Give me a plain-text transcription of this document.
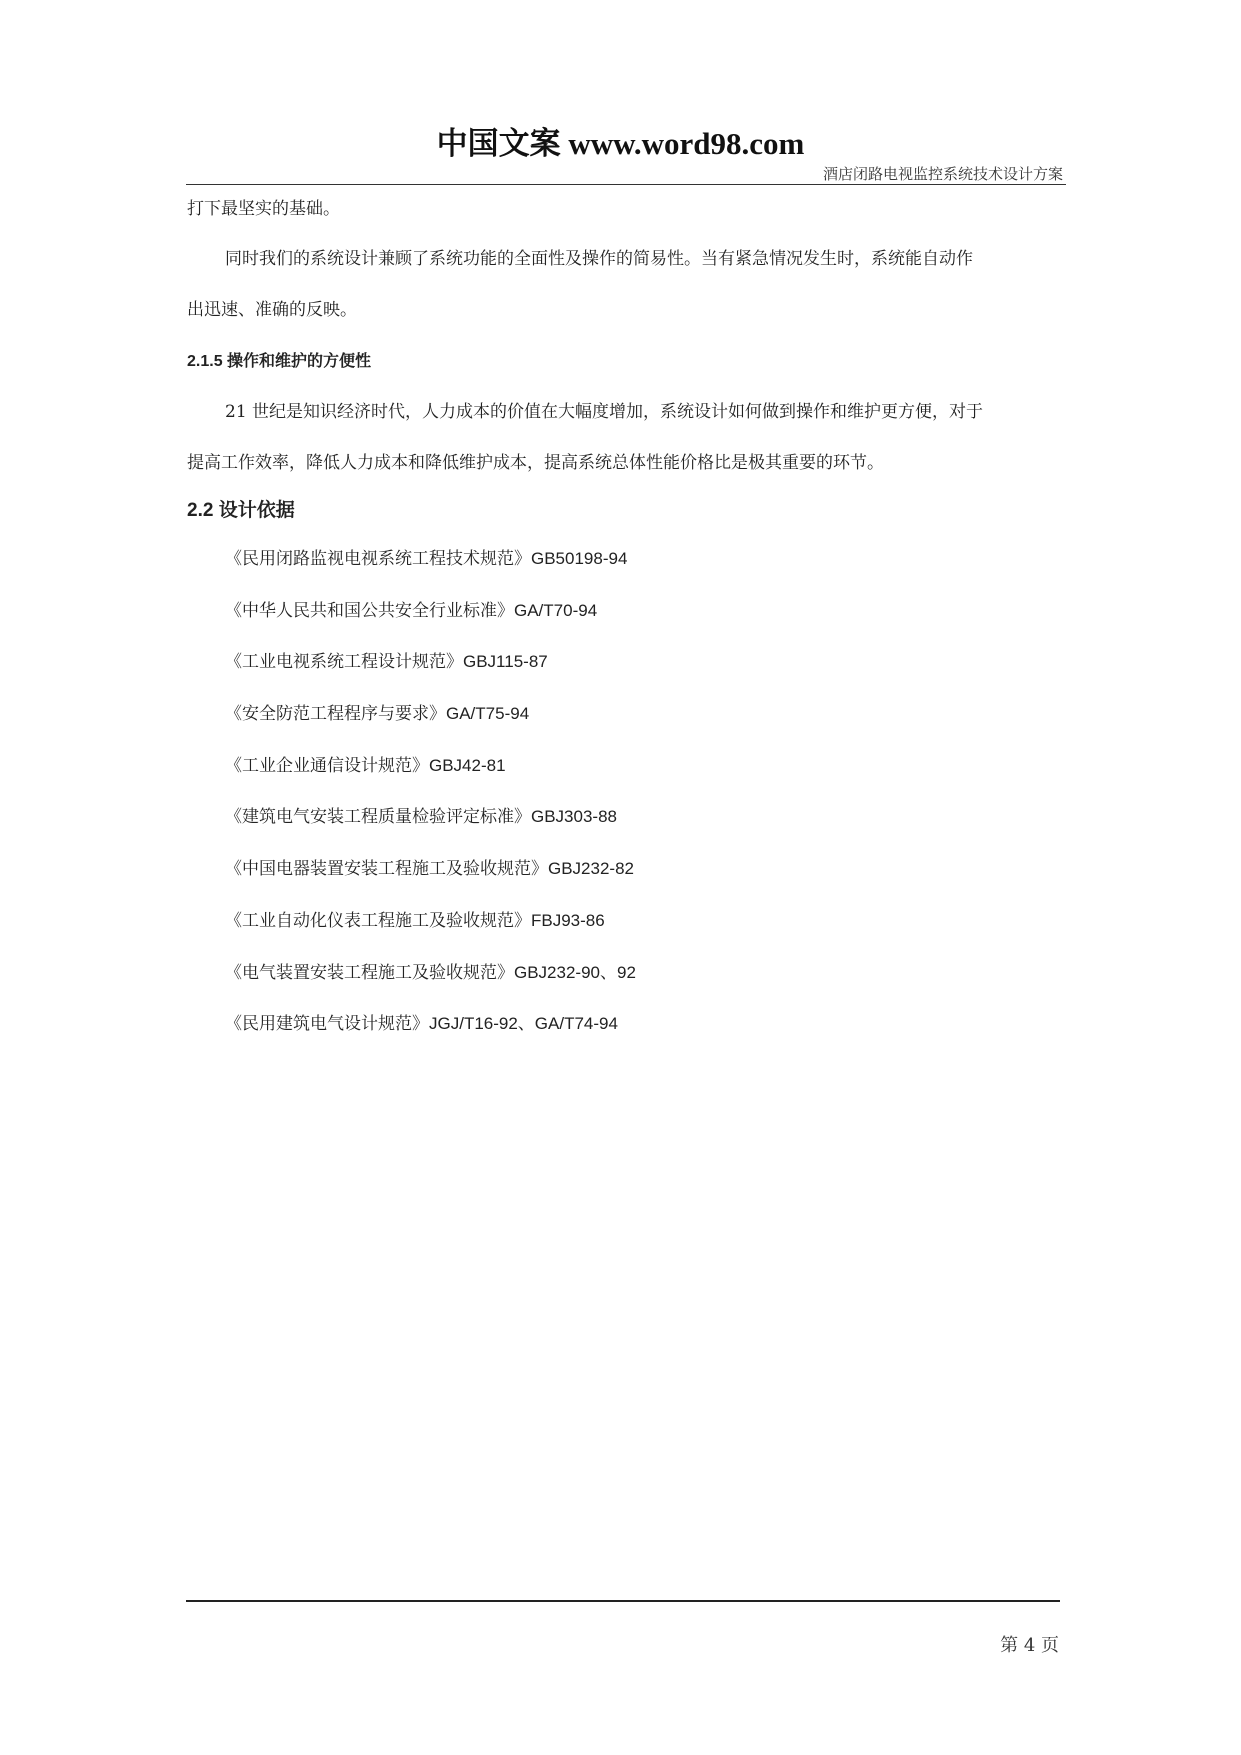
中国文案 www.word98.com
酒店闭路电视监控系统技术设计方案

打下最坚实的基础。

同时我们的系统设计兼顾了系统功能的全面性及操作的简易性。当有紧急情况发生时，系统能自动作

出迅速、准确的反映。

2.1.5 操作和维护的方便性

21 世纪是知识经济时代，人力成本的价值在大幅度增加，系统设计如何做到操作和维护更方便，对于

提高工作效率，降低人力成本和降低维护成本，提高系统总体性能价格比是极其重要的环节。

2.2 设计依据

《民用闭路监视电视系统工程技术规范》GB50198-94
《中华人民共和国公共安全行业标准》GA/T70-94
《工业电视系统工程设计规范》GBJ115-87
《安全防范工程程序与要求》GA/T75-94
《工业企业通信设计规范》GBJ42-81
《建筑电气安装工程质量检验评定标准》GBJ303-88
《中国电器装置安装工程施工及验收规范》GBJ232-82
《工业自动化仪表工程施工及验收规范》FBJ93-86
《电气装置安装工程施工及验收规范》GBJ232-90、92
《民用建筑电气设计规范》JGJ/T16-92、GA/T74-94
第 4 页
